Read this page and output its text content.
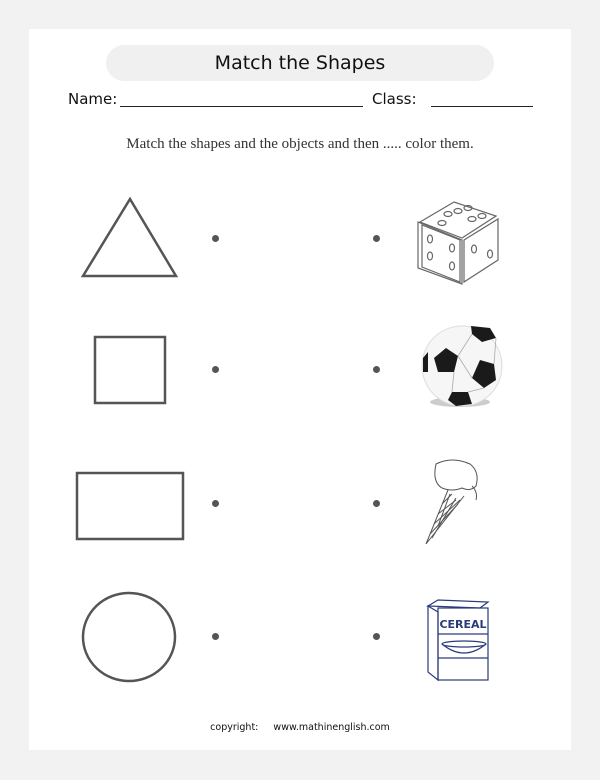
Match the Shapes
Name:	Class:
Match the shapes and the objects and then ..... color them.
CEREAL
copyright: www.mathinenglish.com
